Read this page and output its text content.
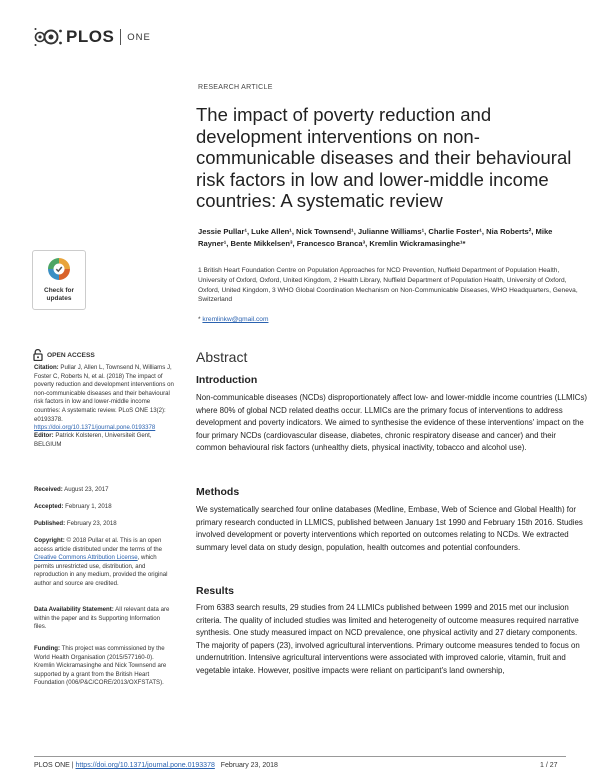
PLOS ONE
RESEARCH ARTICLE
The impact of poverty reduction and development interventions on non-communicable diseases and their behavioural risk factors in low and lower-middle income countries: A systematic review
Jessie Pullar¹, Luke Allen¹, Nick Townsend¹, Julianne Williams¹, Charlie Foster¹, Nia Roberts², Mike Rayner¹, Bente Mikkelsen³, Francesco Branca³, Kremlin Wickramasinghe¹*
1 British Heart Foundation Centre on Population Approaches for NCD Prevention, Nuffield Department of Population Health, University of Oxford, Oxford, United Kingdom, 2 Health Library, Nuffield Department of Population Health, University of Oxford, Oxford, United Kingdom, 3 WHO Global Coordination Mechanism on Non-Communicable Diseases, WHO Headquarters, Geneva, Switzerland
* kremlinkw@gmail.com
Check for updates
OPEN ACCESS
Citation: Pullar J, Allen L, Townsend N, Williams J, Foster C, Roberts N, et al. (2018) The impact of poverty reduction and development interventions on non-communicable diseases and their behavioural risk factors in low and lower-middle income countries: A systematic review. PLoS ONE 13(2): e0193378. https://doi.org/10.1371/journal.pone.0193378
Editor: Patrick Kolsteren, Universiteit Gent, BELGIUM
Received: August 23, 2017
Accepted: February 1, 2018
Published: February 23, 2018
Copyright: © 2018 Pullar et al. This is an open access article distributed under the terms of the Creative Commons Attribution License, which permits unrestricted use, distribution, and reproduction in any medium, provided the original author and source are credited.
Data Availability Statement: All relevant data are within the paper and its Supporting Information files.
Funding: This project was commissioned by the World Health Organisation (2015/577160-0). Kremlin Wickramasinghe and Nick Townsend are supported by a grant from the British Heart Foundation (006/P&C/CORE/2013/OXFSTATS).
Abstract
Introduction
Non-communicable diseases (NCDs) disproportionately affect low- and lower-middle income countries (LLMICs) where 80% of global NCD related deaths occur. LLMICs are the primary focus of interventions to address development and poverty indicators. We aimed to synthesise the evidence of these interventions' impact on the four primary NCDs (cardiovascular disease, diabetes, chronic respiratory disease and cancer) and their common behavioural risk factors (unhealthy diets, physical inactivity, tobacco and alcohol use).
Methods
We systematically searched four online databases (Medline, Embase, Web of Science and Global Health) for primary research conducted in LLMICS, published between January 1st 1990 and February 15th 2016. Studies involved development or poverty interventions which reported on outcomes relating to NCDs. We extracted summary level data on study design, population, health outcomes and potential confounders.
Results
From 6383 search results, 29 studies from 24 LLMICs published between 1999 and 2015 met our inclusion criteria. The quality of included studies was limited and heterogeneity of outcome measures required narrative synthesis. One study measured impact on NCD prevalence, one physical activity and 27 dietary components. The majority of papers (23), involved agricultural interventions. Primary outcome measures tended to focus on undernutrition. Intensive agricultural interventions were associated with improved calorie, vitamin, fruit and vegetable intake. However, positive impacts were reliant on participant's land ownership,
PLOS ONE | https://doi.org/10.1371/journal.pone.0193378 February 23, 2018	1 / 27
